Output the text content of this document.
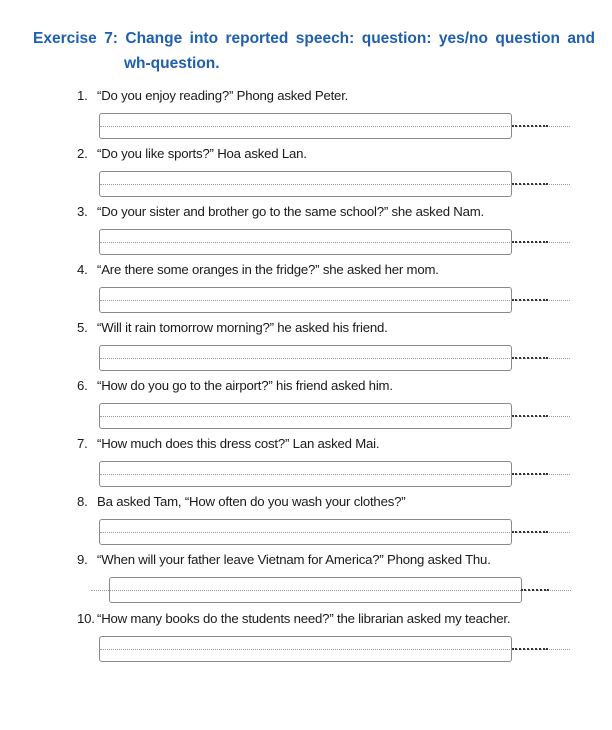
Exercise 7: Change into reported speech: question: yes/no question and
wh-question.
1. “Do you enjoy reading?” Phong asked Peter.
2. “Do you like sports?” Hoa asked Lan.
3. “Do your sister and brother go to the same school?” she asked Nam.
4. “Are there some oranges in the fridge?” she asked her mom.
5. “Will it rain tomorrow morning?” he asked his friend.
6. “How do you go to the airport?” his friend asked him.
7. “How much does this dress cost?” Lan asked Mai.
8. Ba asked Tam, “How often do you wash your clothes?”
9. “When will your father leave Vietnam for America?” Phong asked Thu.
10. “How many books do the students need?” the librarian asked my teacher.
